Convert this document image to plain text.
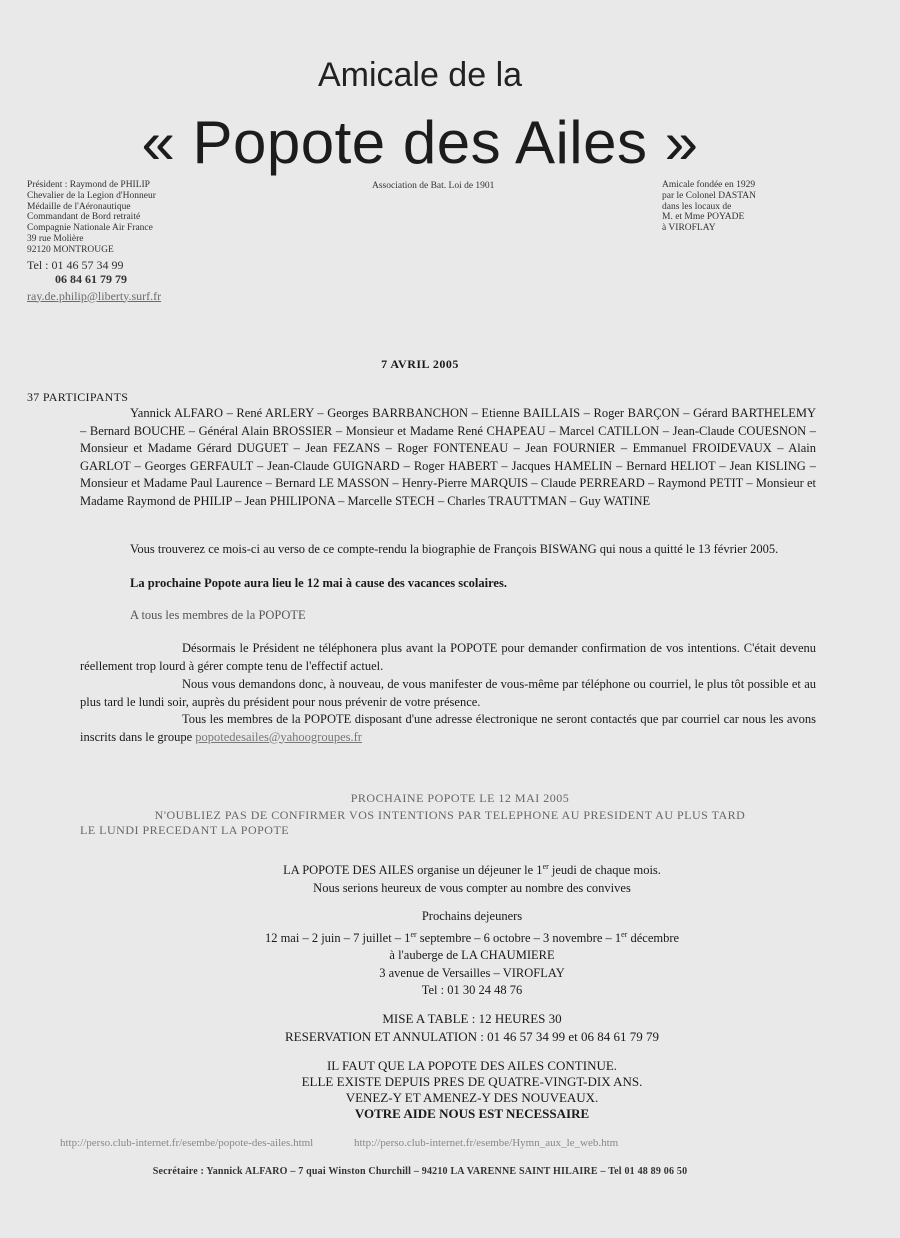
Amicale de la
« Popote des Ailes »
Président : Raymond de PHILIP
Chevalier de la Legion d'Honneur
Médaille de l'Aéronautique
Commandant de Bord retraité
Compagnie Nationale Air France
39 rue Molière
92120 MONTROUGE
Tel : 01 46 57 34 99
06 84 61 79 79
ray.de.philip@liberty.surf.fr
Association de Bat. Loi de 1901	Amicale fondée en 1929
par le Colonel DASTAN
dans les locaux de
M. et Mme POYADE
à VIROFLAY
7 AVRIL 2005
37 PARTICIPANTS
Yannick ALFARO – René ARLERY – Georges BARRBANCHON – Etienne BAILLAIS – Roger BARÇON – Gérard BARTHELEMY – Bernard BOUCHE – Général Alain BROSSIER – Monsieur et Madame René CHAPEAU – Marcel CATILLON – Jean-Claude COUESNON – Monsieur et Madame Gérard DUGUET – Jean FEZANS – Roger FONTENEAU – Jean FOURNIER – Emmanuel FROIDEVAUX – Alain GARLOT – Georges GERFAULT – Jean-Claude GUIGNARD – Roger HABERT – Jacques HAMELIN – Bernard HELIOT – Jean KISLING – Monsieur et Madame Paul Laurence – Bernard LE MASSON – Henry-Pierre MARQUIS – Claude PERREARD – Raymond PETIT – Monsieur et Madame Raymond de PHILIP – Jean PHILIPONA – Marcelle STECH – Charles TRAUTTMAN – Guy WATINE
Vous trouverez ce mois-ci au verso de ce compte-rendu la biographie de François BISWANG qui nous a quitté le 13 février 2005.
La prochaine Popote aura lieu le 12 mai à cause des vacances scolaires.
A tous les membres de la POPOTE
Désormais le Président ne téléphonera plus avant la POPOTE pour demander confirmation de vos intentions. C'était devenu réellement trop lourd à gérer compte tenu de l'effectif actuel.
Nous vous demandons donc, à nouveau, de vous manifester de vous-même par téléphone ou courriel, le plus tôt possible et au plus tard le lundi soir, auprès du président pour nous prévenir de votre présence.
Tous les membres de la POPOTE disposant d'une adresse électronique ne seront contactés que par courriel car nous les avons inscrits dans le groupe popotedesailes@yahoogroupes.fr
PROCHAINE POPOTE LE 12 MAI 2005
N'OUBLIEZ PAS DE CONFIRMER VOS INTENTIONS PAR TELEPHONE AU PRESIDENT AU PLUS TARD
LE LUNDI PRECEDANT LA POPOTE
LA POPOTE DES AILES organise un déjeuner le 1er jeudi de chaque mois.
Nous serions heureux de vous compter au nombre des convives
Prochains dejeuners
12 mai – 2 juin – 7 juillet – 1er septembre – 6 octobre – 3 novembre – 1er décembre
à l'auberge de LA CHAUMIERE
3 avenue de Versailles – VIROFLAY
Tel : 01 30 24 48 76
MISE A TABLE : 12 HEURES 30
RESERVATION ET ANNULATION : 01 46 57 34 99 et 06 84 61 79 79
IL FAUT QUE LA POPOTE DES AILES CONTINUE.
ELLE EXISTE DEPUIS PRES DE QUATRE-VINGT-DIX ANS.
VENEZ-Y ET AMENEZ-Y DES NOUVEAUX.
VOTRE AIDE NOUS EST NECESSAIRE
http://perso.club-internet.fr/esembe/popote-des-ailes.html	http://perso.club-internet.fr/esembe/Hymn_aux_le_web.htm
Secrétaire : Yannick ALFARO – 7 quai Winston Churchill – 94210 LA VARENNE SAINT HILAIRE – Tel 01 48 89 06 50
